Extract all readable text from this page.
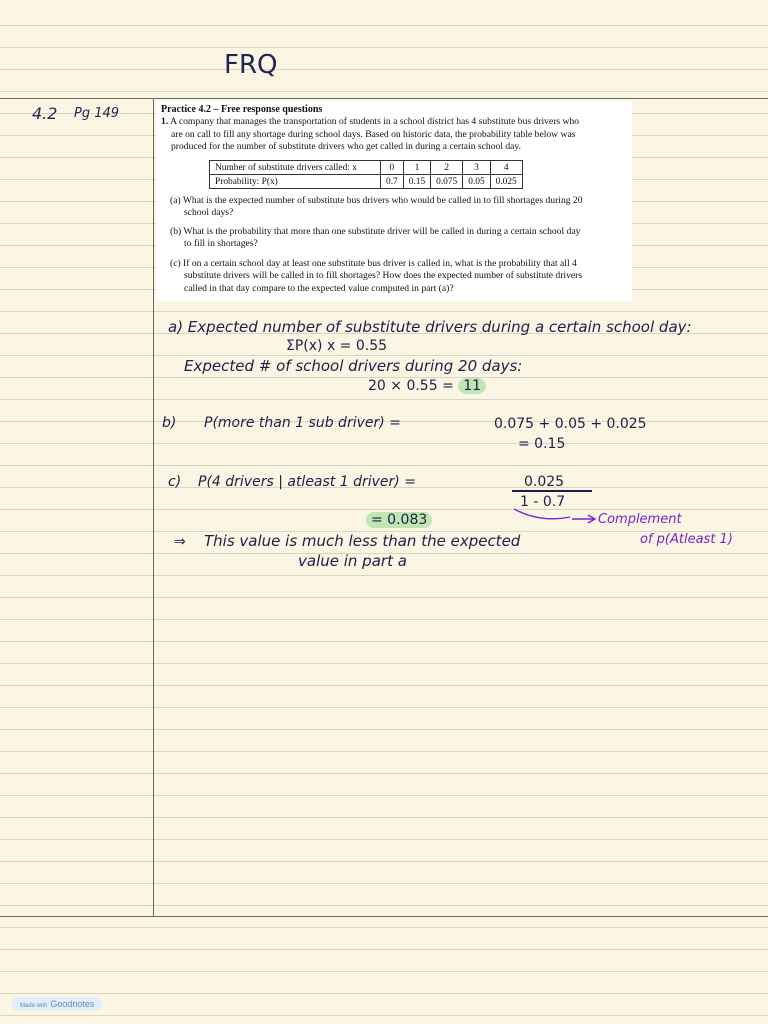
FRQ
4.2 Pg 149	Practice 4.2 – Free response questions
1. A company that manages the transportation of students in a school district has 4 substitute bus drivers who
are on call to fill any shortage during school days. Based on historic data, the probability table below was
produced for the number of substitute drivers who get called in during a certain school day.
Number of substitute drivers called: x	0	1	2	3	4
Probability: P(x)	0.7	0.15	0.075	0.05	0.025
(a) What is the expected number of substitute bus drivers who would be called in to fill shortages during 20
school days?
(b) What is the probability that more than one substitute driver will be called in during a certain school day
to fill in shortages?
(c) If on a certain school day at least one substitute bus driver is called in, what is the probability that all 4
substitute drivers will be called in to fill shortages? How does the expected number of substitute drivers
called in that day compare to the expected value computed in part (a)?
a) Expected number of substitute drivers during a certain school day:
ΣP(x) x = 0.55
Expected # of school drivers during 20 days:
20 × 0.55 = 11
b) P(more than 1 sub driver) =	0.075 + 0.05 + 0.025
= 0.15
c) P(4 drivers | atleast 1 driver) =	0.025
1 - 0.7
Complement
of p(Atleast 1)
= 0.083
⇒ This value is much less than the expected
value in part a
Made with Goodnotes
